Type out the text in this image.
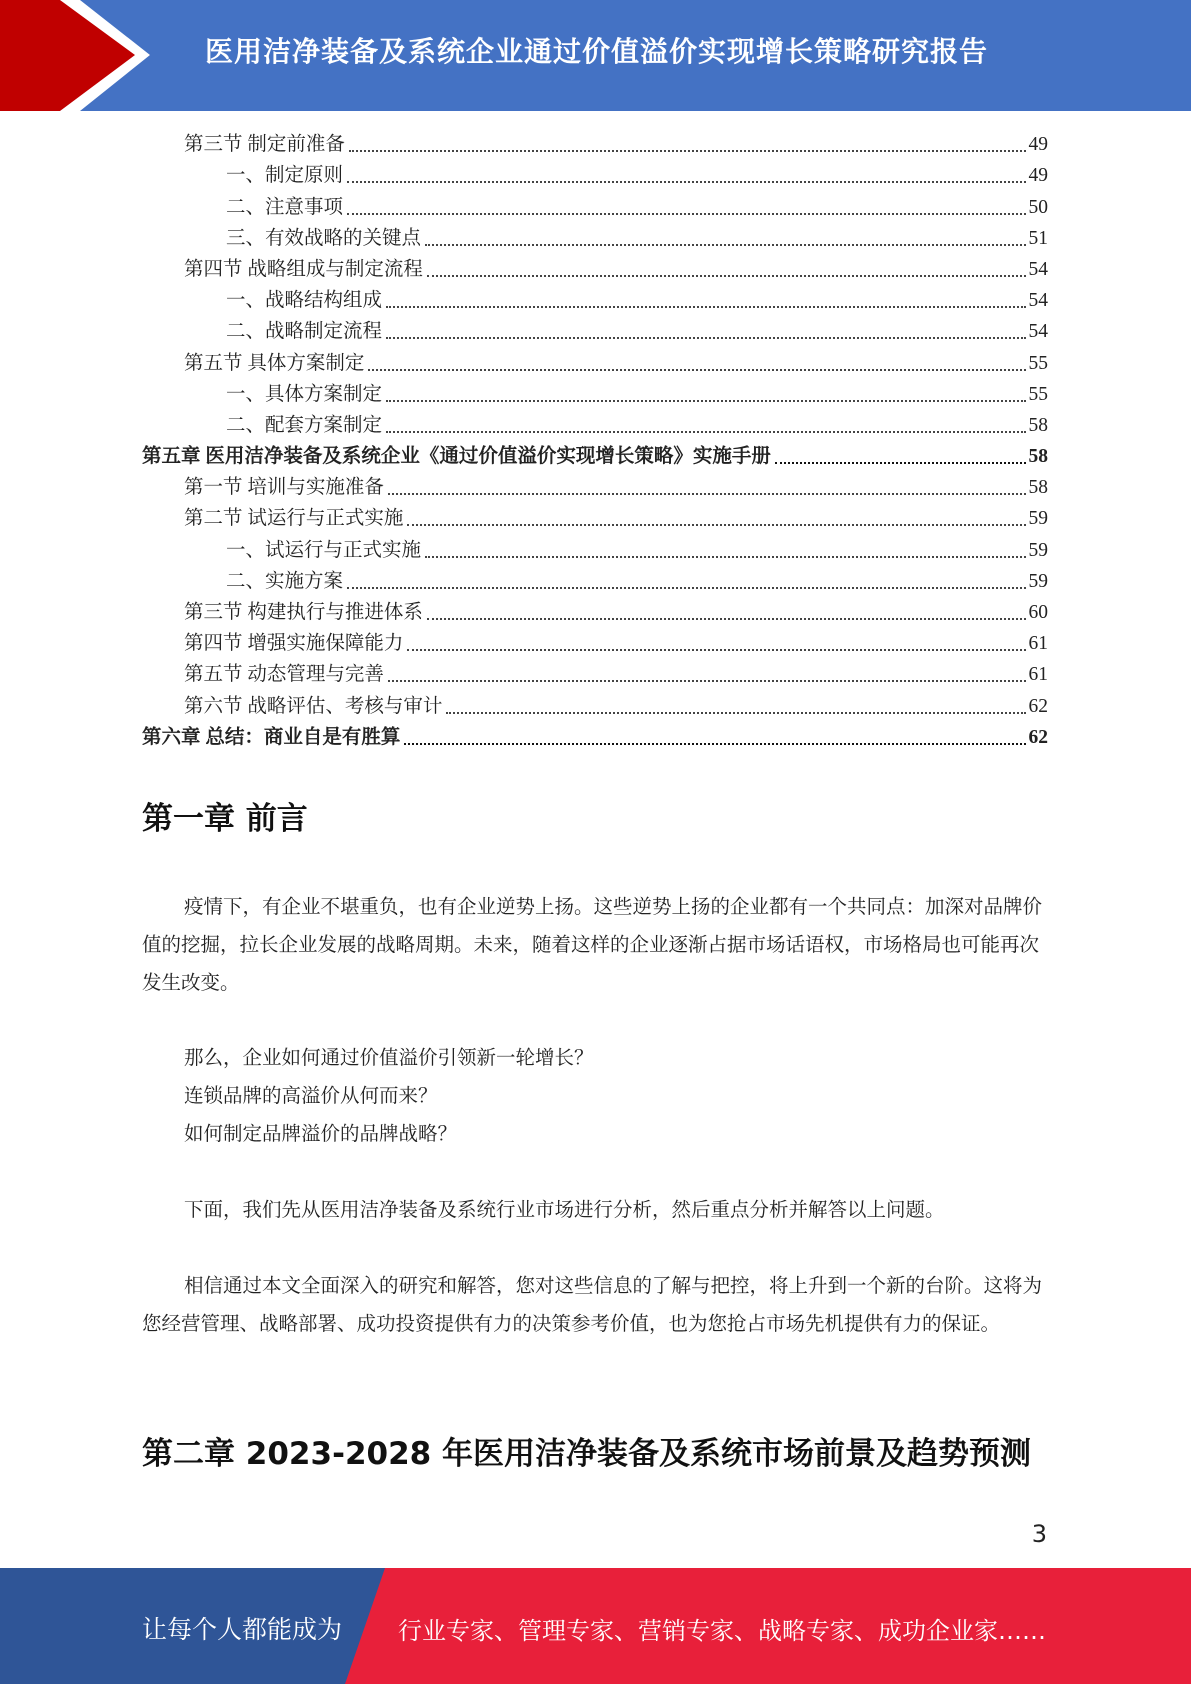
医用洁净装备及系统企业通过价值溢价实现增长策略研究报告
第三节 制定前准备	49
一、制定原则	49
二、注意事项	50
三、有效战略的关键点	51
第四节 战略组成与制定流程	54
一、战略结构组成	54
二、战略制定流程	54
第五节 具体方案制定	55
一、具体方案制定	55
二、配套方案制定	58
第五章 医用洁净装备及系统企业《通过价值溢价实现增长策略》实施手册	58
第一节 培训与实施准备	58
第二节 试运行与正式实施	59
一、试运行与正式实施	59
二、实施方案	59
第三节 构建执行与推进体系	60
第四节 增强实施保障能力	61
第五节 动态管理与完善	61
第六节 战略评估、考核与审计	62
第六章 总结：商业自是有胜算	62
第一章 前言
疫情下，有企业不堪重负，也有企业逆势上扬。这些逆势上扬的企业都有一个共同点：加深对品牌价值的挖掘，拉长企业发展的战略周期。未来，随着这样的企业逐渐占据市场话语权，市场格局也可能再次发生改变。
那么，企业如何通过价值溢价引领新一轮增长？
连锁品牌的高溢价从何而来？
如何制定品牌溢价的品牌战略？
下面，我们先从医用洁净装备及系统行业市场进行分析，然后重点分析并解答以上问题。
相信通过本文全面深入的研究和解答，您对这些信息的了解与把控，将上升到一个新的台阶。这将为您经营管理、战略部署、成功投资提供有力的决策参考价值，也为您抢占市场先机提供有力的保证。
第二章 2023-2028 年医用洁净装备及系统市场前景及趋势预测
3
让每个人都能成为 行业专家、管理专家、营销专家、战略专家、成功企业家……
